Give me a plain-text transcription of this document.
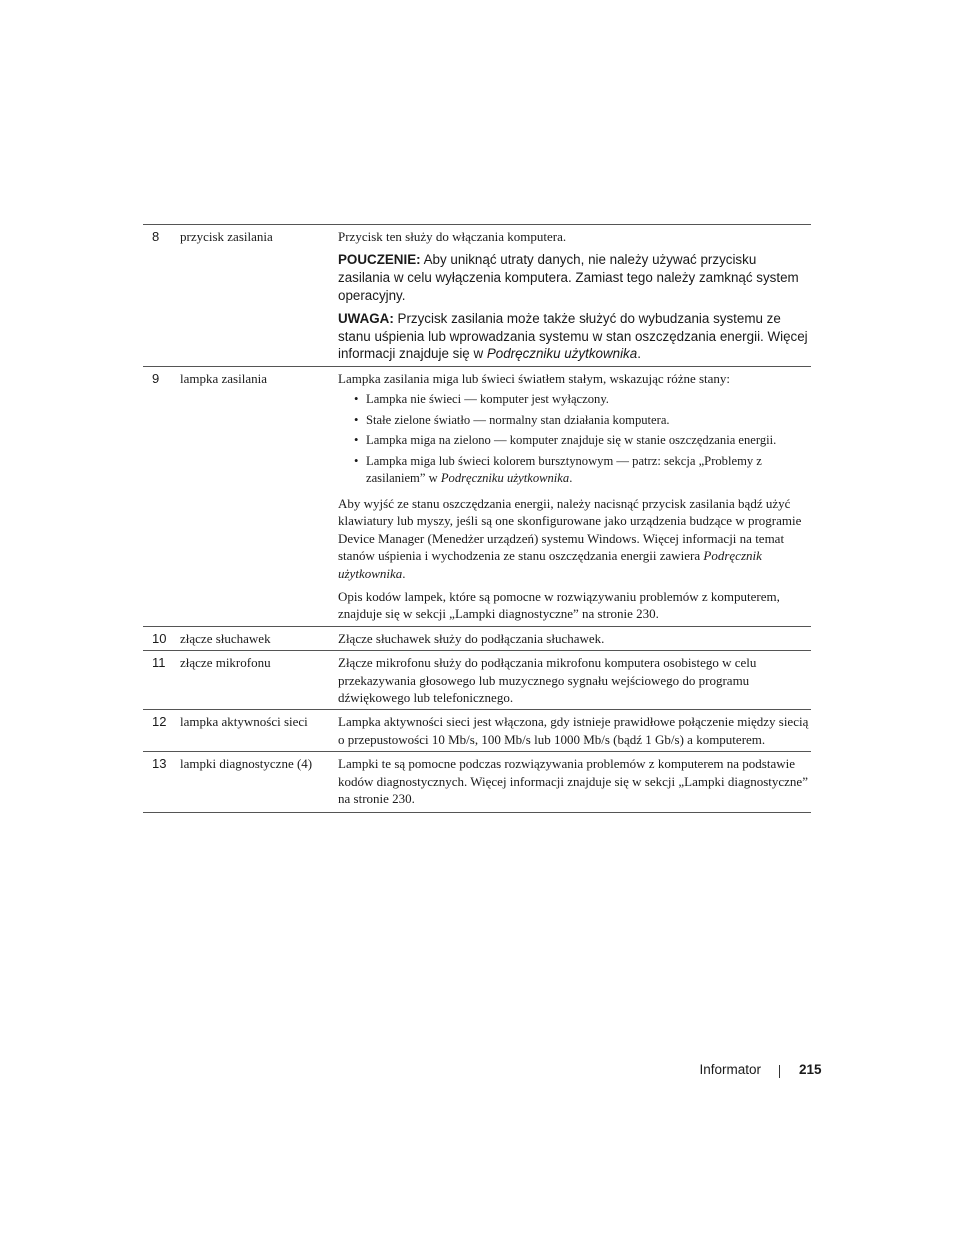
8	przycisk zasilania	Przycisk ten służy do włączania komputera.

POUCZENIE: Aby uniknąć utraty danych, nie należy używać przycisku zasilania w celu wyłączenia komputera. Zamiast tego należy zamknąć system operacyjny.

UWAGA: Przycisk zasilania może także służyć do wybudzania systemu ze stanu uśpienia lub wprowadzania systemu w stan oszczędzania energii. Więcej informacji znajduje się w Podręczniku użytkownika.

9	lampka zasilania	Lampka zasilania miga lub świeci światłem stałym, wskazując różne stany:

• Lampka nie świeci — komputer jest wyłączony.
• Stałe zielone światło — normalny stan działania komputera.
• Lampka miga na zielono — komputer znajduje się w stanie oszczędzania energii.
• Lampka miga lub świeci kolorem bursztynowym — patrz: sekcja „Problemy z zasilaniem” w Podręczniku użytkownika.

Aby wyjść ze stanu oszczędzania energii, należy nacisnąć przycisk zasilania bądź użyć klawiatury lub myszy, jeśli są one skonfigurowane jako urządzenia budzące w programie Device Manager (Menedżer urządzeń) systemu Windows. Więcej informacji na temat stanów uśpienia i wychodzenia ze stanu oszczędzania energii zawiera Podręcznik użytkownika.

Opis kodów lampek, które są pomocne w rozwiązywaniu problemów z komputerem, znajduje się w sekcji „Lampki diagnostyczne” na stronie 230.

10	złącze słuchawek	Złącze słuchawek służy do podłączania słuchawek.

11	złącze mikrofonu	Złącze mikrofonu służy do podłączania mikrofonu komputera osobistego w celu przekazywania głosowego lub muzycznego sygnału wejściowego do programu dźwiękowego lub telefonicznego.

12	lampka aktywności sieci	Lampka aktywności sieci jest włączona, gdy istnieje prawidłowe połączenie między siecią o przepustowości 10 Mb/s, 100 Mb/s lub 1000 Mb/s (bądź 1 Gb/s) a komputerem.

13	lampki diagnostyczne (4)	Lampki te są pomocne podczas rozwiązywania problemów z komputerem na podstawie kodów diagnostycznych. Więcej informacji znajduje się w sekcji „Lampki diagnostyczne” na stronie 230.

Informator	215
